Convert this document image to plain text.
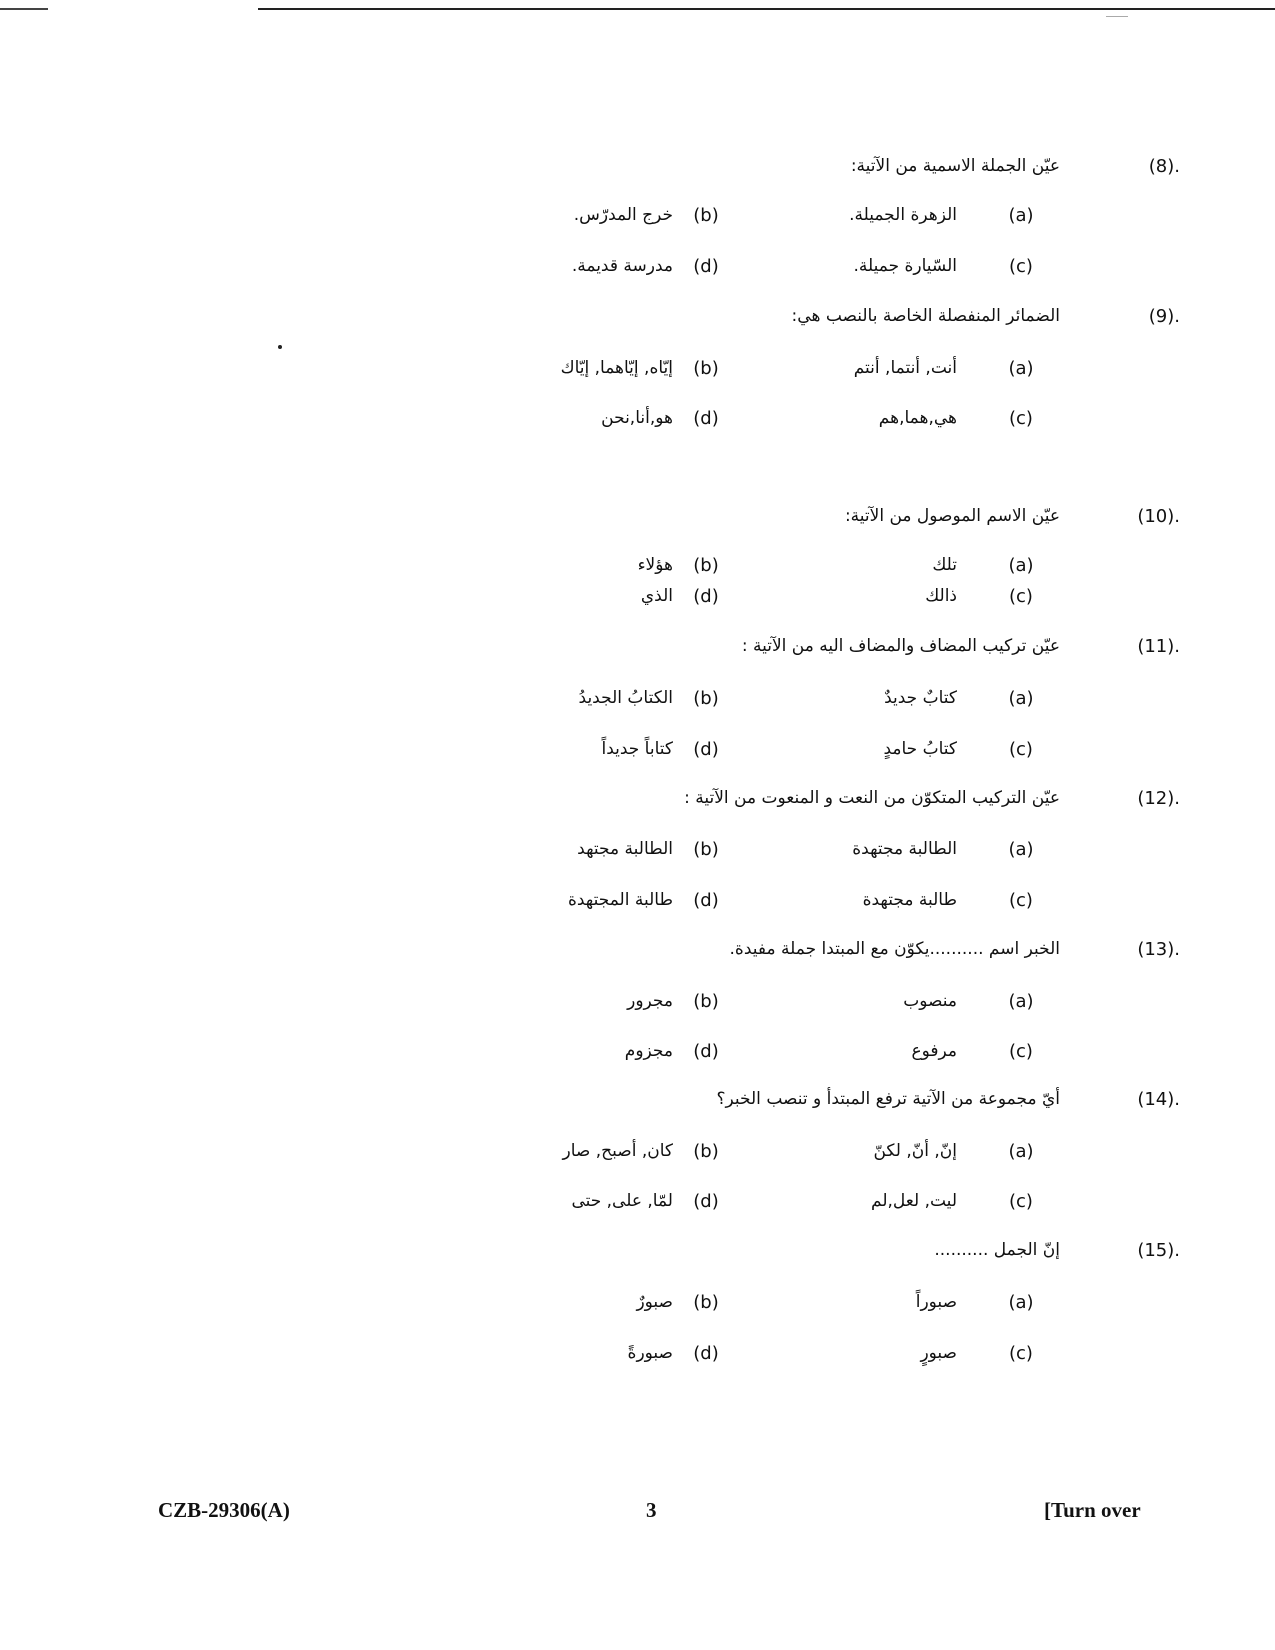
(8).
عيّن الجملة الاسمية من الآتية:
(a)
الزهرة الجميلة.
(b)
خرج المدرّس.
(c)
السّيارة جميلة.
(d)
مدرسة قديمة.
(9).
الضمائر المنفصلة الخاصة بالنصب هي:
(a)
أنت, أنتما, أنتم
(b)
إيّاه, إيّاهما, إيّاك
(c)
هي,هما,هم
(d)
هو,أنا,نحن
(10).
عيّن الاسم الموصول من الآتية:
(a)
تلك
(b)
هؤلاء
(c)
ذالك
(d)
الذي
(11).
عيّن تركيب المضاف والمضاف اليه من الآتية :
(a)
كتابٌ جديدٌ
(b)
الكتابُ الجديدُ
(c)
كتابُ حامدٍ
(d)
كتاباً جديداً
(12).
عيّن التركيب المتكوّن من النعت و المنعوت من الآتية :
(a)
الطالبة مجتهدة
(b)
الطالبة مجتهد
(c)
طالبة مجتهدة
(d)
طالبة المجتهدة
(13).
الخبر اسم ..........يكوّن مع المبتدا جملة مفيدة.
(a)
منصوب
(b)
مجرور
(c)
مرفوع
(d)
مجزوم
(14).
أيّ مجموعة من الآتية ترفع المبتدأ و تنصب الخبر؟
(a)
إنّ, أنّ, لكنّ
(b)
كان, أصبح, صار
(c)
ليت, لعل,لم
(d)
لمّا, على, حتى
(15).
إنّ الجمل ..........
(a)
صبوراً
(b)
صبورٌ
(c)
صبورٍ
(d)
صبورةً
CZB-29306(A)	3	[Turn over
